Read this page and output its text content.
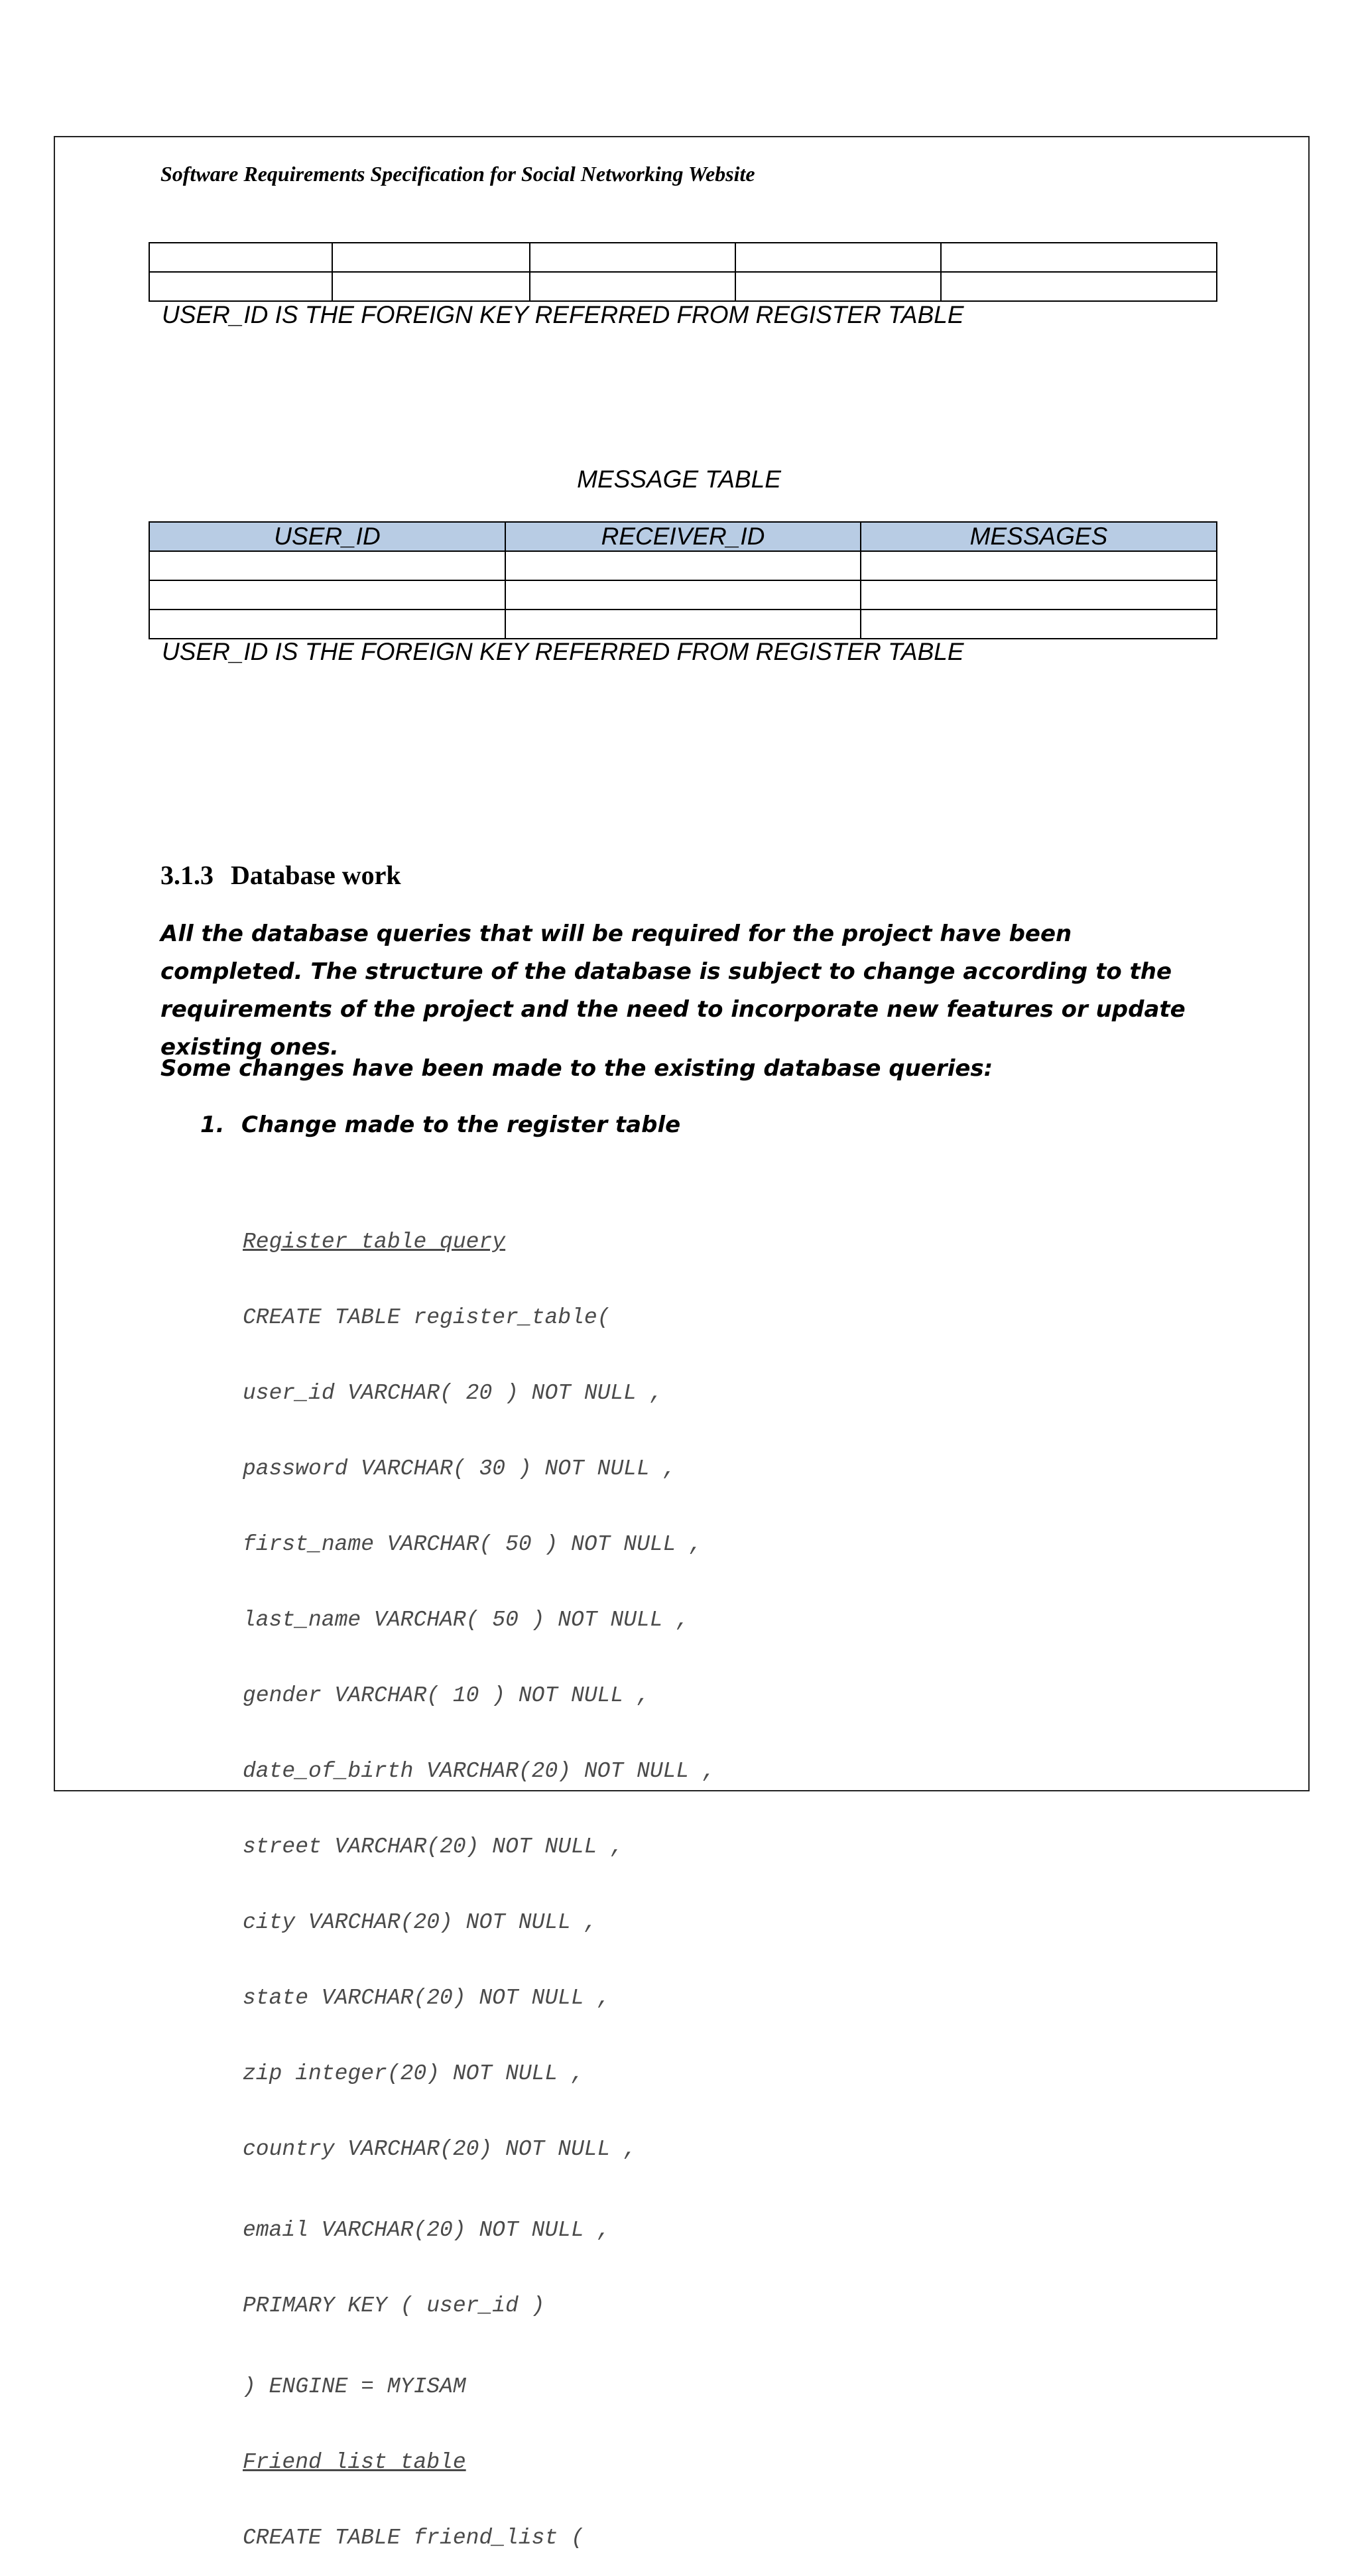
Software Requirements Specification for Social Networking Website

USER_ID IS THE FOREIGN KEY REFERRED FROM REGISTER TABLE
MESSAGE TABLE
USER_ID	RECEIVER_ID	MESSAGES

USER_ID IS THE FOREIGN KEY REFERRED FROM REGISTER TABLE
3.1.3 Database work
All the database queries that will be required for the project have been completed. The structure of the database is subject to change according to the requirements of the project and the need to incorporate new features or update existing ones.
Some changes have been made to the existing database queries:
1. Change made to the register table

Register table query

CREATE TABLE register_table(

user_id VARCHAR( 20 ) NOT NULL ,

password VARCHAR( 30 ) NOT NULL ,

first_name VARCHAR( 50 ) NOT NULL ,

last_name VARCHAR( 50 ) NOT NULL ,

gender VARCHAR( 10 ) NOT NULL ,

date_of_birth VARCHAR(20) NOT NULL ,

street VARCHAR(20) NOT NULL ,

city VARCHAR(20) NOT NULL ,

state VARCHAR(20) NOT NULL ,

zip integer(20) NOT NULL ,

country VARCHAR(20) NOT NULL ,

email VARCHAR(20) NOT NULL ,

PRIMARY KEY ( user_id )

) ENGINE = MYISAM

Friend list table

CREATE TABLE friend_list (
